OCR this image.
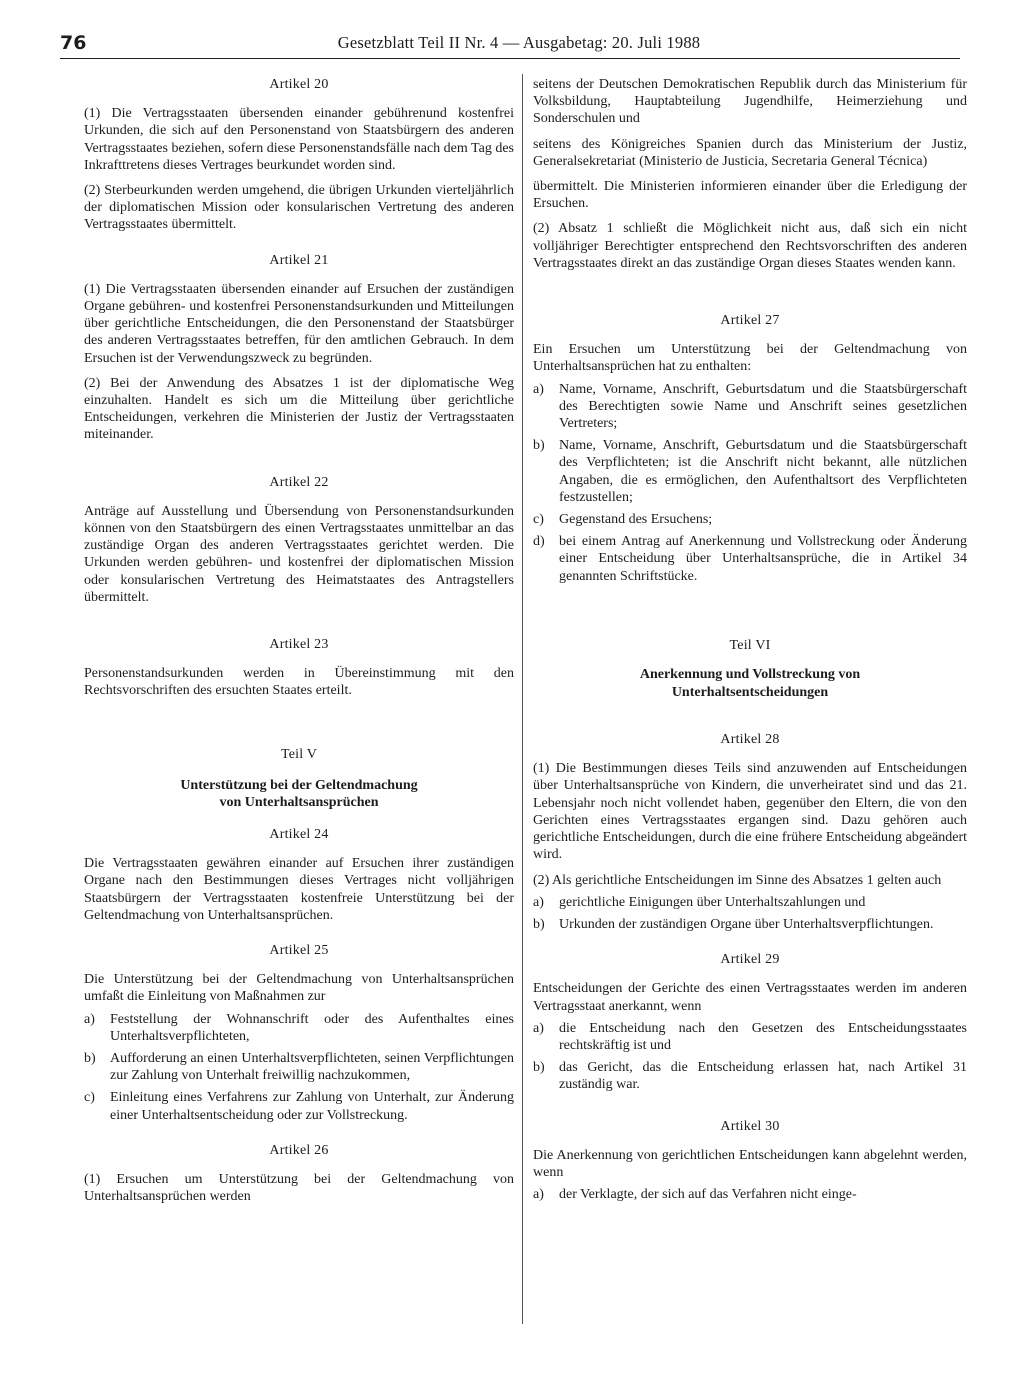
76	Gesetzblatt Teil II Nr. 4 — Ausgabetag: 20. Juli 1988
Artikel 20

(1) Die Vertragsstaaten übersenden einander gebührenund kostenfrei Urkunden, die sich auf den Personenstand von Staatsbürgern des anderen Vertragsstaates beziehen, sofern diese Personenstandsfälle nach dem Tag des Inkrafttretens dieses Vertrages beurkundet worden sind.

(2) Sterbeurkunden werden umgehend, die übrigen Urkunden vierteljährlich der diplomatischen Mission oder konsularischen Vertretung des anderen Vertragsstaates übermittelt.

Artikel 21

(1) Die Vertragsstaaten übersenden einander auf Ersuchen der zuständigen Organe gebühren- und kostenfrei Personenstandsurkunden und Mitteilungen über gerichtliche Entscheidungen, die den Personenstand der Staatsbürger des anderen Vertragsstaates betreffen, für den amtlichen Gebrauch. In dem Ersuchen ist der Verwendungszweck zu begründen.

(2) Bei der Anwendung des Absatzes 1 ist der diplomatische Weg einzuhalten. Handelt es sich um die Mitteilung über gerichtliche Entscheidungen, verkehren die Ministerien der Justiz der Vertragsstaaten miteinander.

Artikel 22

Anträge auf Ausstellung und Übersendung von Personenstandsurkunden können von den Staatsbürgern des einen Vertragsstaates unmittelbar an das zuständige Organ des anderen Vertragsstaates gerichtet werden. Die Urkunden werden gebühren- und kostenfrei der diplomatischen Mission oder konsularischen Vertretung des Heimatstaates des Antragstellers übermittelt.

Artikel 23

Personenstandsurkunden werden in Übereinstimmung mit den Rechtsvorschriften des ersuchten Staates erteilt.

Teil V
Unterstützung bei der Geltendmachung
von Unterhaltsansprüchen
Artikel 24

Die Vertragsstaaten gewähren einander auf Ersuchen ihrer zuständigen Organe nach den Bestimmungen dieses Vertrages nicht volljährigen Staatsbürgern der Vertragsstaaten kostenfreie Unterstützung bei der Geltendmachung von Unterhaltsansprüchen.

Artikel 25

Die Unterstützung bei der Geltendmachung von Unterhaltsansprüchen umfaßt die Einleitung von Maßnahmen zur

a)	Feststellung der Wohnanschrift oder des Aufenthaltes eines Unterhaltsverpflichteten,
b)	Aufforderung an einen Unterhaltsverpflichteten, seinen Verpflichtungen zur Zahlung von Unterhalt freiwillig nachzukommen,
c)	Einleitung eines Verfahrens zur Zahlung von Unterhalt, zur Änderung einer Unterhaltsentscheidung oder zur Vollstreckung.
Artikel 26

(1) Ersuchen um Unterstützung bei der Geltendmachung von Unterhaltsansprüchen werden

seitens der Deutschen Demokratischen Republik durch das Ministerium für Volksbildung, Hauptabteilung Jugendhilfe, Heimerziehung und Sonderschulen und

seitens des Königreiches Spanien durch das Ministerium der Justiz, Generalsekretariat (Ministerio de Justicia, Secretaria General Técnica)

übermittelt. Die Ministerien informieren einander über die Erledigung der Ersuchen.

(2) Absatz 1 schließt die Möglichkeit nicht aus, daß sich ein nicht volljähriger Berechtigter entsprechend den Rechtsvorschriften des anderen Vertragsstaates direkt an das zuständige Organ dieses Staates wenden kann.

Artikel 27

Ein Ersuchen um Unterstützung bei der Geltendmachung von Unterhaltsansprüchen hat zu enthalten:

a)	Name, Vorname, Anschrift, Geburtsdatum und die Staatsbürgerschaft des Berechtigten sowie Name und Anschrift seines gesetzlichen Vertreters;
b)	Name, Vorname, Anschrift, Geburtsdatum und die Staatsbürgerschaft des Verpflichteten; ist die Anschrift nicht bekannt, alle nützlichen Angaben, die es ermöglichen, den Aufenthaltsort des Verpflichteten festzustellen;
c)	Gegenstand des Ersuchens;
d)	bei einem Antrag auf Anerkennung und Vollstreckung oder Änderung einer Entscheidung über Unterhaltsansprüche, die in Artikel 34 genannten Schriftstücke.
Teil VI
Anerkennung und Vollstreckung von
Unterhaltsentscheidungen
Artikel 28

(1) Die Bestimmungen dieses Teils sind anzuwenden auf Entscheidungen über Unterhaltsansprüche von Kindern, die unverheiratet sind und das 21. Lebensjahr noch nicht vollendet haben, gegenüber den Eltern, die von den Gerichten eines Vertragsstaates ergangen sind. Dazu gehören auch gerichtliche Entscheidungen, durch die eine frühere Entscheidung abgeändert wird.

(2) Als gerichtliche Entscheidungen im Sinne des Absatzes 1 gelten auch

a)	gerichtliche Einigungen über Unterhaltszahlungen und
b)	Urkunden der zuständigen Organe über Unterhaltsverpflichtungen.
Artikel 29

Entscheidungen der Gerichte des einen Vertragsstaates werden im anderen Vertragsstaat anerkannt, wenn

a)	die Entscheidung nach den Gesetzen des Entscheidungsstaates rechtskräftig ist und
b)	das Gericht, das die Entscheidung erlassen hat, nach Artikel 31 zuständig war.
Artikel 30

Die Anerkennung von gerichtlichen Entscheidungen kann abgelehnt werden, wenn

a)	der Verklagte, der sich auf das Verfahren nicht einge-
